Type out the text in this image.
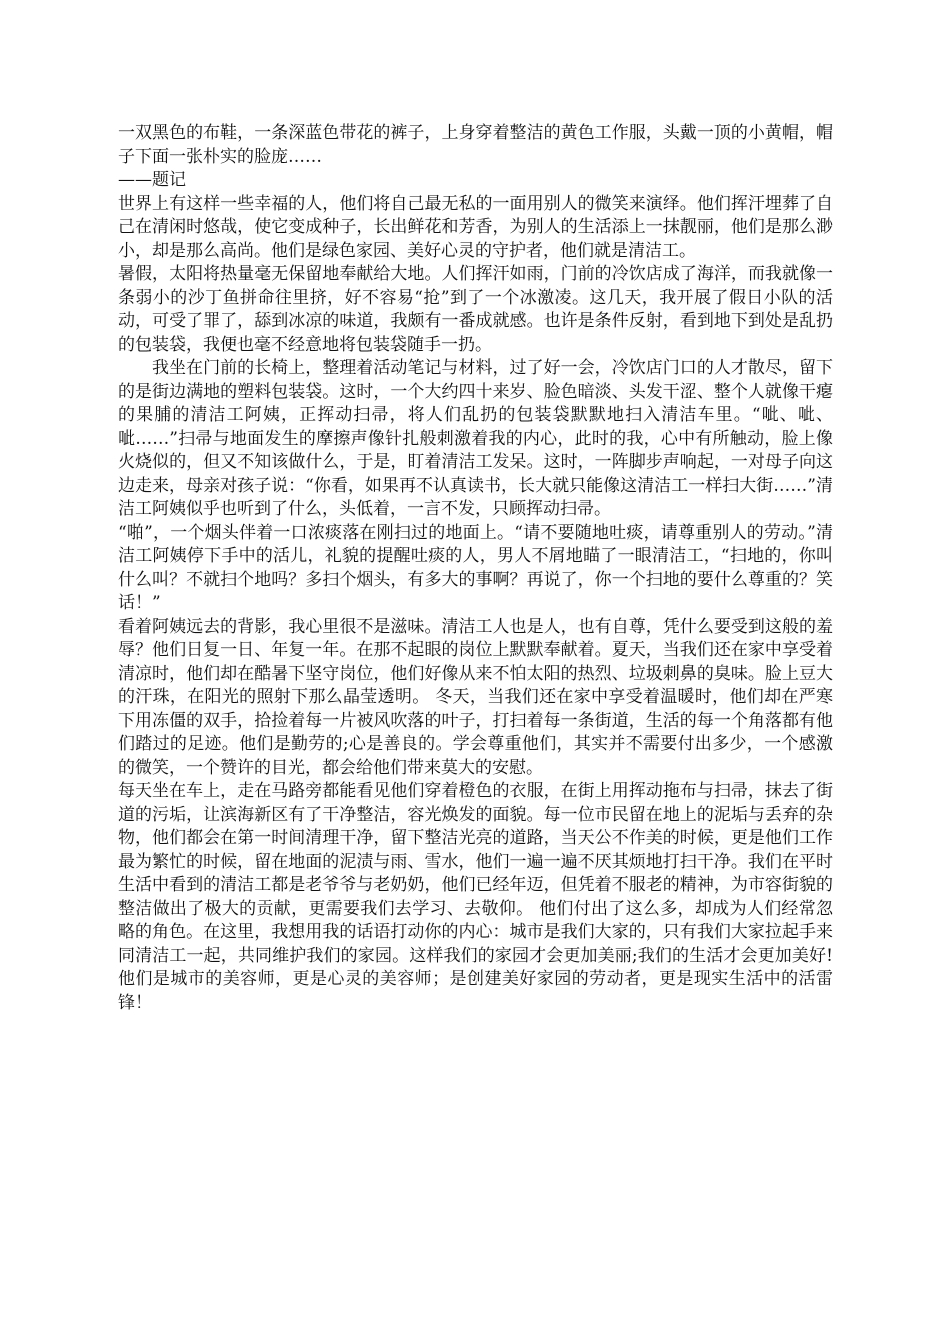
一双黑色的布鞋，一条深蓝色带花的裤子，上身穿着整洁的黄色工作服，头戴一顶的小黄帽，帽子下面一张朴实的脸庞……

——题记

世界上有这样一些幸福的人，他们将自己最无私的一面用别人的微笑来演绎。他们挥汗埋葬了自己在清闲时悠哉，使它变成种子，长出鲜花和芳香，为别人的生活添上一抹靓丽，他们是那么渺小，却是那么高尚。他们是绿色家园、美好心灵的守护者，他们就是清洁工。

暑假，太阳将热量毫无保留地奉献给大地。人们挥汗如雨，门前的冷饮店成了海洋，而我就像一条弱小的沙丁鱼拼命往里挤，好不容易“抢”到了一个冰激凌。这几天，我开展了假日小队的活动，可受了罪了，舔到冰凉的味道，我颇有一番成就感。也许是条件反射，看到地下到处是乱扔的包装袋，我便也毫不经意地将包装袋随手一扔。

我坐在门前的长椅上，整理着活动笔记与材料，过了好一会，冷饮店门口的人才散尽，留下的是街边满地的塑料包装袋。这时，一个大约四十来岁、脸色暗淡、头发干涩、整个人就像干瘪的果脯的清洁工阿姨，正挥动扫帚，将人们乱扔的包装袋默默地扫入清洁车里。“呲、呲、呲……”扫帚与地面发生的摩擦声像针扎般刺激着我的内心，此时的我，心中有所触动，脸上像火烧似的，但又不知该做什么，于是，盯着清洁工发呆。这时，一阵脚步声响起，一对母子向这边走来，母亲对孩子说：“你看，如果再不认真读书，长大就只能像这清洁工一样扫大街……”清洁工阿姨似乎也听到了什么，头低着，一言不发，只顾挥动扫帚。

“啪”，一个烟头伴着一口浓痰落在刚扫过的地面上。“请不要随地吐痰，请尊重别人的劳动。”清洁工阿姨停下手中的活儿，礼貌的提醒吐痰的人，男人不屑地瞄了一眼清洁工，“扫地的，你叫什么叫？不就扫个地吗？多扫个烟头，有多大的事啊？再说了，你一个扫地的要什么尊重的？笑话！”

看着阿姨远去的背影，我心里很不是滋味。清洁工人也是人，也有自尊，凭什么要受到这般的羞辱？他们日复一日、年复一年。在那不起眼的岗位上默默奉献着。夏天，当我们还在家中享受着清凉时，他们却在酷暑下坚守岗位，他们好像从来不怕太阳的热烈、垃圾刺鼻的臭味。脸上豆大的汗珠，在阳光的照射下那么晶莹透明。 冬天，当我们还在家中享受着温暖时，他们却在严寒下用冻僵的双手，拾捡着每一片被风吹落的叶子，打扫着每一条街道，生活的每一个角落都有他们踏过的足迹。他们是勤劳的;心是善良的。学会尊重他们，其实并不需要付出多少，一个感激的微笑，一个赞许的目光，都会给他们带来莫大的安慰。

每天坐在车上，走在马路旁都能看见他们穿着橙色的衣服，在街上用挥动拖布与扫帚，抹去了街道的污垢，让滨海新区有了干净整洁，容光焕发的面貌。每一位市民留在地上的泥垢与丢弃的杂物，他们都会在第一时间清理干净，留下整洁光亮的道路，当天公不作美的时候，更是他们工作最为繁忙的时候，留在地面的泥渍与雨、雪水，他们一遍一遍不厌其烦地打扫干净。我们在平时生活中看到的清洁工都是老爷爷与老奶奶，他们已经年迈，但凭着不服老的精神，为市容街貌的整洁做出了极大的贡献，更需要我们去学习、去敬仰。 他们付出了这么多，却成为人们经常忽略的角色。在这里，我想用我的话语打动你的内心：城市是我们大家的，只有我们大家拉起手来同清洁工一起，共同维护我们的家园。这样我们的家园才会更加美丽;我们的生活才会更加美好!他们是城市的美容师，更是心灵的美容师；是创建美好家园的劳动者，更是现实生活中的活雷锋！
